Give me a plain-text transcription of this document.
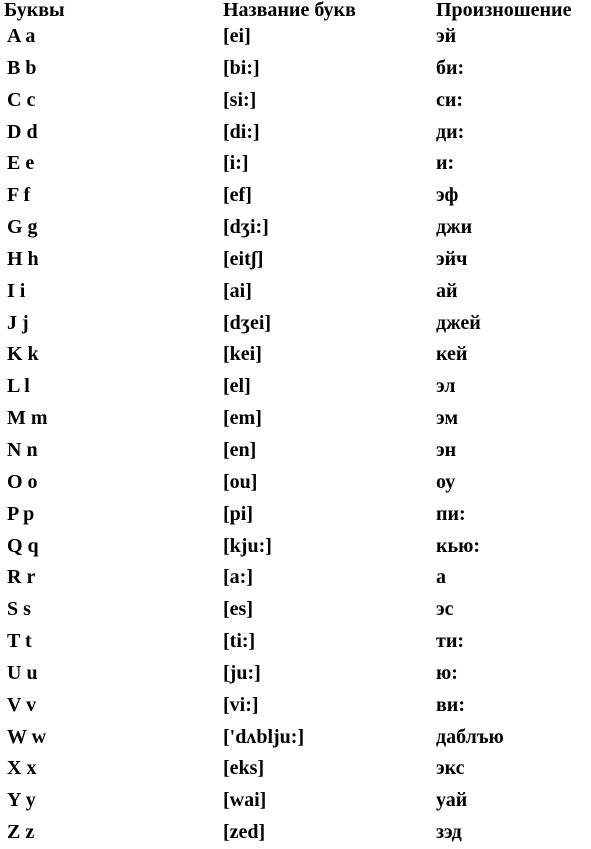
Буквы	Название букв	Произношение
A a	[ei]	эй
B b	[bi:]	би:
C c	[si:]	си:
D d	[di:]	ди:
E e	[i:]	и:
F f	[ef]	эф
G g	[dʒi:]	джи
H h	[eitʃ]	эйч
I i	[ai]	ай
J j	[dʒei]	джей
K k	[kei]	кей
L l	[el]	эл
M m	[em]	эм
N n	[en]	эн
O o	[ou]	оу
P p	[pi]	пи:
Q q	[kju:]	кью:
R r	[a:]	а
S s	[es]	эс
T t	[ti:]	ти:
U u	[ju:]	ю:
V v	[vi:]	ви:
W w	['dʌblju:]	даблъю
X x	[eks]	экс
Y y	[wai]	уай
Z z	[zed]	зэд
